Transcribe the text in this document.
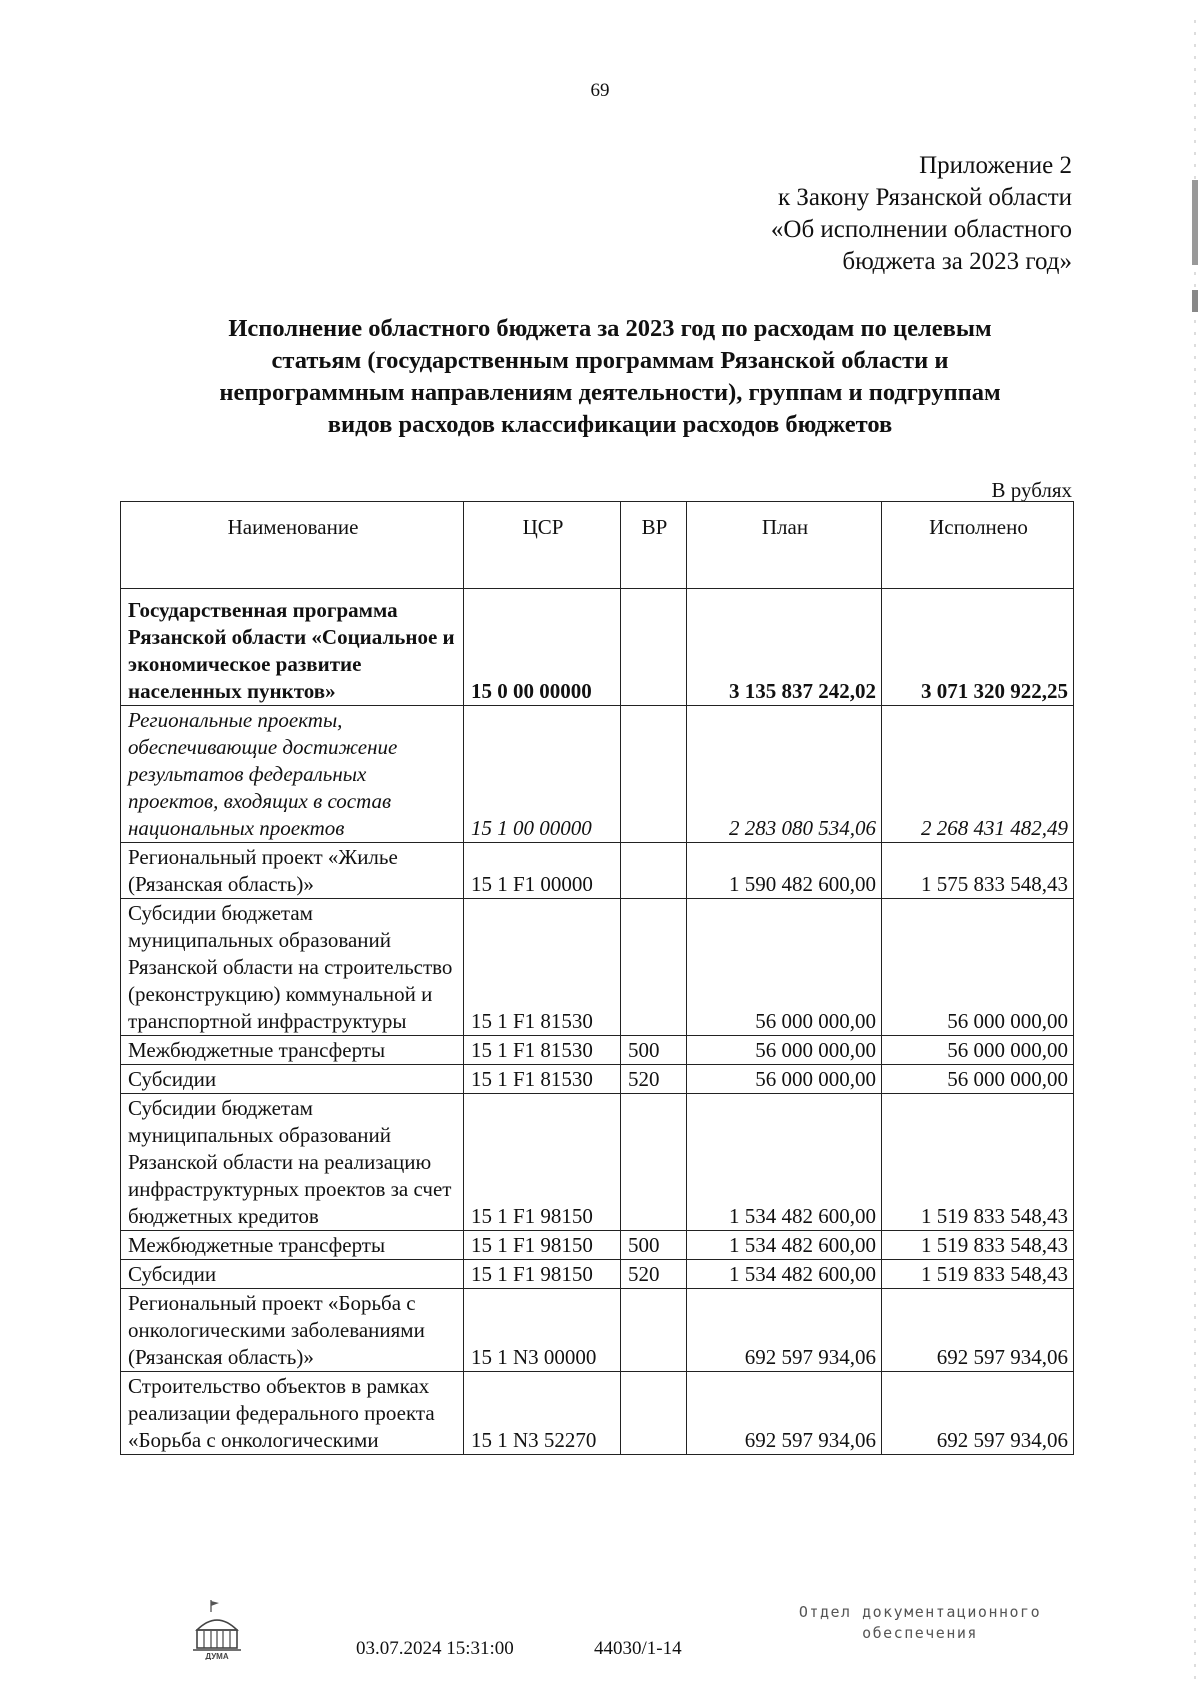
69
Приложение 2
к Закону Рязанской области
«Об исполнении областного
бюджета за 2023 год»
Исполнение областного бюджета за 2023 год по расходам по целевым
статьям (государственным программам Рязанской области и
непрограммным направлениям деятельности), группам и подгруппам
видов расходов классификации расходов бюджетов
В рублях
Наименование	ЦСР	ВР	План	Исполнено
Государственная программа Рязанской области «Социальное и экономическое развитие населенных пунктов»	15 0 00 00000		3 135 837 242,02	3 071 320 922,25
Региональные проекты, обеспечивающие достижение результатов федеральных проектов, входящих в состав национальных проектов	15 1 00 00000		2 283 080 534,06	2 268 431 482,49
Региональный проект «Жилье (Рязанская область)»	15 1 F1 00000		1 590 482 600,00	1 575 833 548,43
Субсидии бюджетам муниципальных образований Рязанской области на строительство (реконструкцию) коммунальной и транспортной инфраструктуры	15 1 F1 81530		56 000 000,00	56 000 000,00
Межбюджетные трансферты	15 1 F1 81530	500	56 000 000,00	56 000 000,00
Субсидии	15 1 F1 81530	520	56 000 000,00	56 000 000,00
Субсидии бюджетам муниципальных образований Рязанской области на реализацию инфраструктурных проектов за счет бюджетных кредитов	15 1 F1 98150		1 534 482 600,00	1 519 833 548,43
Межбюджетные трансферты	15 1 F1 98150	500	1 534 482 600,00	1 519 833 548,43
Субсидии	15 1 F1 98150	520	1 534 482 600,00	1 519 833 548,43
Региональный проект «Борьба с онкологическими заболеваниями (Рязанская область)»	15 1 N3 00000		692 597 934,06	692 597 934,06
Строительство объектов в рамках реализации федерального проекта «Борьба с онкологическими	15 1 N3 52270		692 597 934,06	692 597 934,06
ДУМА	03.07.2024 15:31:00	44030/1-14
Отдел документационного
обеспечения
